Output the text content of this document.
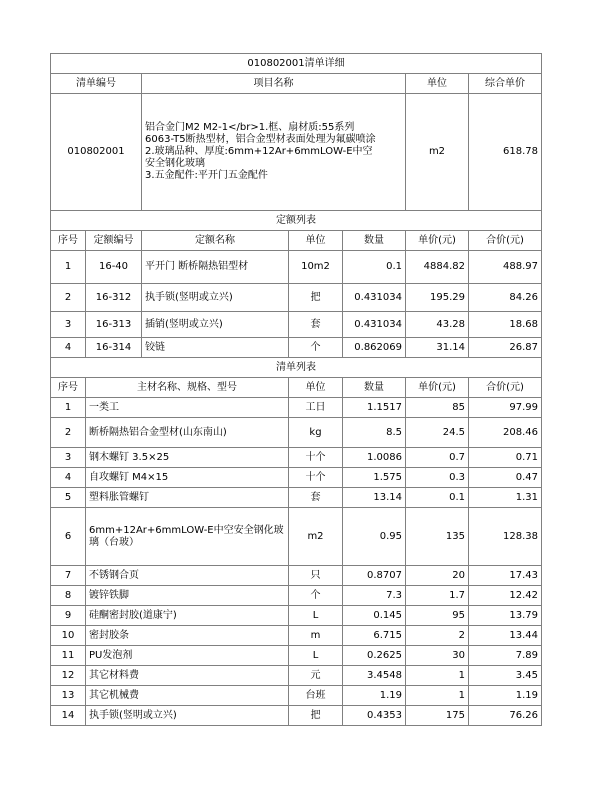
010802001清单详细						
清单编号		项目名称			单位	综合单价
010802001		铝合金门M2 M2-1</br>1.框、扇材质:55系列
6063-T5断热型材，铝合金型材表面处理为氟碳喷涂
2.玻璃品种、厚度:6mm+12Ar+6mmLOW-E中空
安全钢化玻璃
3.五金配件:平开门五金配件			m2	618.78
定额列表						
序号	定额编号	定额名称	单位	数量	单价(元)	合价(元)
1	16-40	平开门 断桥隔热铝型材	10m2	0.1	4884.82	488.97
2	16-312	执手锁(竖明或立兴)	把	0.431034	195.29	84.26
3	16-313	插销(竖明或立兴)	套	0.431034	43.28	18.68
4	16-314	铰链	个	0.862069	31.14	26.87
清单列表						
序号	主材名称、规格、型号		单位	数量	单价(元)	合价(元)
1	一类工		工日	1.1517	85	97.99
2	断桥隔热铝合金型材(山东南山)		kg	8.5	24.5	208.46
3	钢木螺钉 3.5×25		十个	1.0086	0.7	0.71
4	自攻螺钉 M4×15		十个	1.575	0.3	0.47
5	塑料胀管螺钉		套	13.14	0.1	1.31
6	6mm+12Ar+6mmLOW-E中空安全钢化玻璃（台玻）		m2	0.95	135	128.38
7	不锈钢合页		只	0.8707	20	17.43
8	镀锌铁脚		个	7.3	1.7	12.42
9	硅酮密封胶(道康宁)		L	0.145	95	13.79
10	密封胶条		m	6.715	2	13.44
11	PU发泡剂		L	0.2625	30	7.89
12	其它材料费		元	3.4548	1	3.45
13	其它机械费		台班	1.19	1	1.19
14	执手锁(竖明或立兴)		把	0.4353	175	76.26
